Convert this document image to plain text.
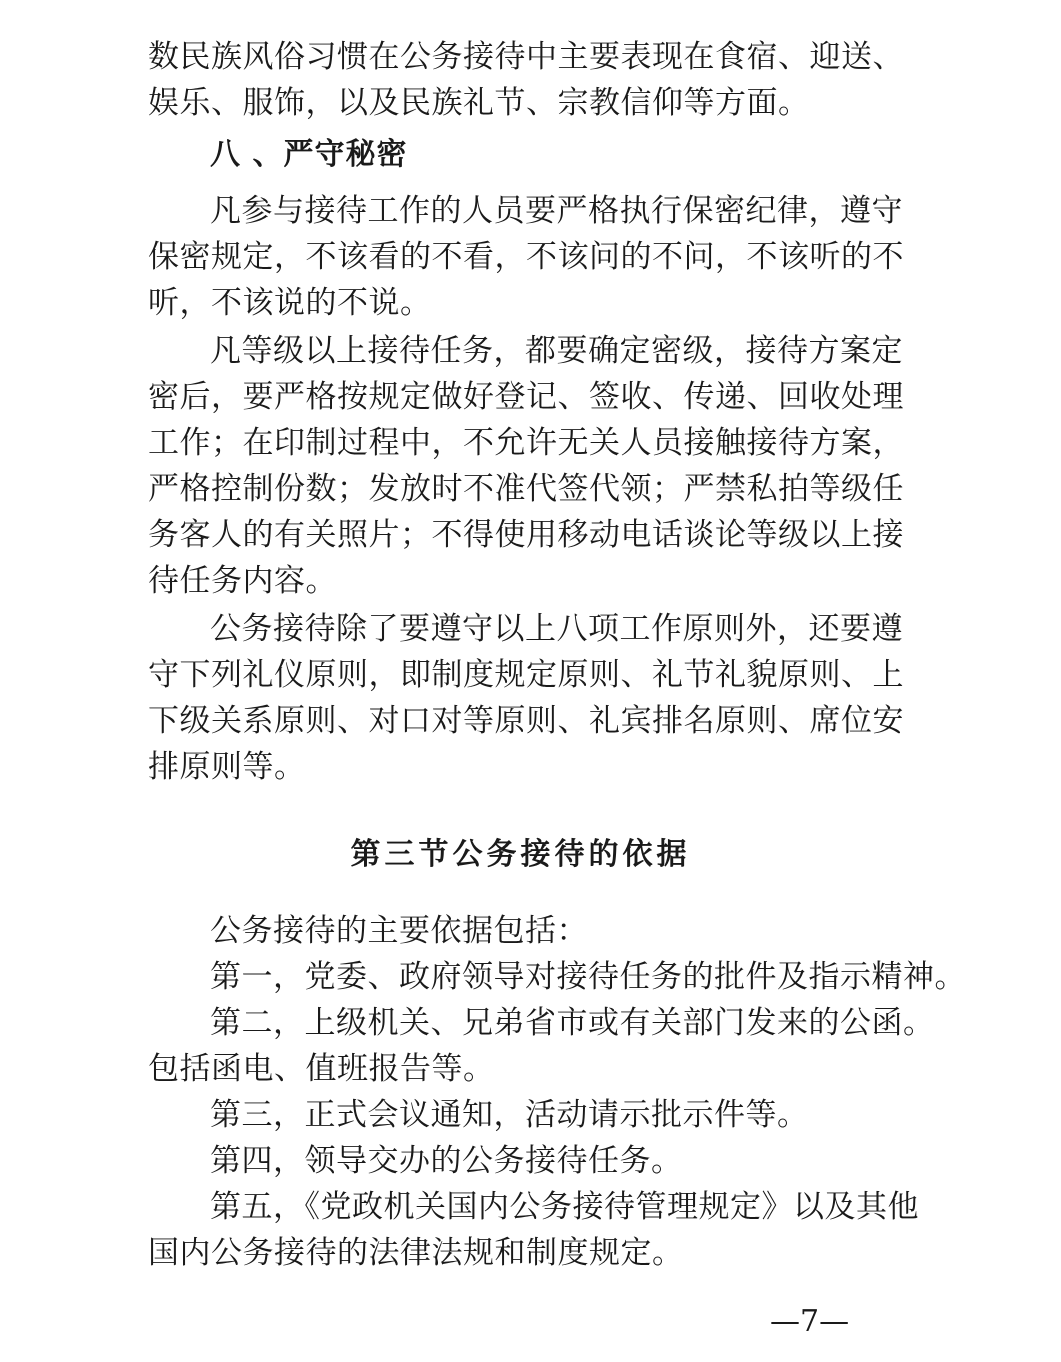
数民族风俗习惯在公务接待中主要表现在食宿、迎送、
娱乐、服饰，以及民族礼节、宗教信仰等方面。
八 、严守秘密
凡参与接待工作的人员要严格执行保密纪律，遵守
保密规定，不该看的不看，不该问的不问，不该听的不
听，不该说的不说。
凡等级以上接待任务，都要确定密级，接待方案定
密后，要严格按规定做好登记、签收、传递、回收处理
工作；在印制过程中，不允许无关人员接触接待方案，
严格控制份数；发放时不准代签代领；严禁私拍等级任
务客人的有关照片；不得使用移动电话谈论等级以上接
待任务内容。
公务接待除了要遵守以上八项工作原则外，还要遵
守下列礼仪原则，即制度规定原则、礼节礼貌原则、上
下级关系原则、对口对等原则、礼宾排名原则、席位安
排原则等。
第三节公务接待的依据
公务接待的主要依据包括：
第一，党委、政府领导对接待任务的批件及指示精神。
第二，上级机关、兄弟省市或有关部门发来的公函。
包括函电、值班报告等。
第三，正式会议通知，活动请示批示件等。
第四，领导交办的公务接待任务。
第五，《党政机关国内公务接待管理规定》以及其他
国内公务接待的法律法规和制度规定。
—7—
